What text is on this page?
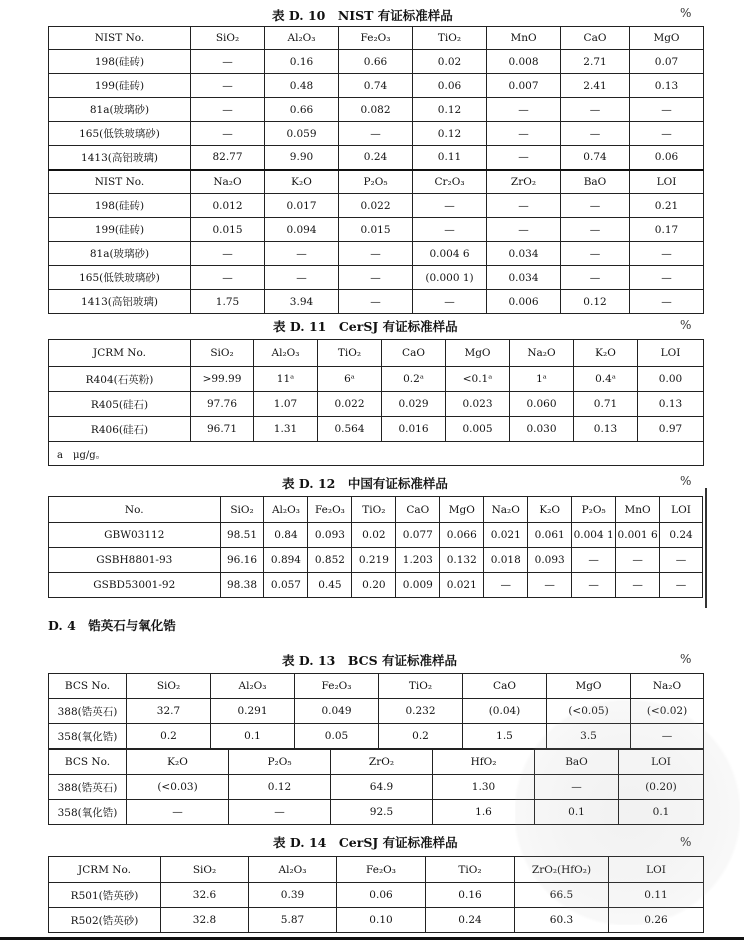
表 D. 10　NIST 有证标准样品	%
NIST No.	SiO₂	Al₂O₃	Fe₂O₃	TiO₂	MnO	CaO	MgO
198(硅砖)	—	0.16	0.66	0.02	0.008	2.71	0.07
199(硅砖)	—	0.48	0.74	0.06	0.007	2.41	0.13
81a(玻璃砂)	—	0.66	0.082	0.12	—	—	—
165(低铁玻璃砂)	—	0.059	—	0.12	—	—	—
1413(高铝玻璃)	82.77	9.90	0.24	0.11	—	0.74	0.06
NIST No.	Na₂O	K₂O	P₂O₅	Cr₂O₃	ZrO₂	BaO	LOI
198(硅砖)	0.012	0.017	0.022	—	—	—	0.21
199(硅砖)	0.015	0.094	0.015	—	—	—	0.17
81a(玻璃砂)	—	—	—	0.004 6	0.034	—	—
165(低铁玻璃砂)	—	—	—	(0.000 1)	0.034	—	—
1413(高铝玻璃)	1.75	3.94	—	—	0.006	0.12	—
表 D. 11　CerSJ 有证标准样品	%
JCRM No.	SiO₂	Al₂O₃	TiO₂	CaO	MgO	Na₂O	K₂O	LOI
R404(石英粉)	>99.99	11ᵃ	6ᵃ	0.2ᵃ	<0.1ᵃ	1ᵃ	0.4ᵃ	0.00
R405(硅石)	97.76	1.07	0.022	0.029	0.023	0.060	0.71	0.13
R406(硅石)	96.71	1.31	0.564	0.016	0.005	0.030	0.13	0.97
a　μg/g。								
表 D. 12　中国有证标准样品	%
No.	SiO₂	Al₂O₃	Fe₂O₃	TiO₂	CaO	MgO	Na₂O	K₂O	P₂O₅	MnO	LOI
GBW03112	98.51	0.84	0.093	0.02	0.077	0.066	0.021	0.061	0.004 1	0.001 6	0.24
GSBH8801-93	96.16	0.894	0.852	0.219	1.203	0.132	0.018	0.093	—	—	—
GSBD53001-92	98.38	0.057	0.45	0.20	0.009	0.021	—	—	—	—	—
D. 4　锆英石与氧化锆
表 D. 13　BCS 有证标准样品	%
BCS No.	SiO₂	Al₂O₃	Fe₂O₃	TiO₂	CaO	MgO	Na₂O
388(锆英石)	32.7	0.291	0.049	0.232	(0.04)	(<0.05)	(<0.02)
358(氧化锆)	0.2	0.1	0.05	0.2	1.5	3.5	—
BCS No.	K₂O	P₂O₅	ZrO₂	HfO₂	BaO	LOI
388(锆英石)	(<0.03)	0.12	64.9	1.30	—	(0.20)
358(氧化锆)	—	—	92.5	1.6	0.1	0.1
表 D. 14　CerSJ 有证标准样品	%
JCRM No.	SiO₂	Al₂O₃	Fe₂O₃	TiO₂	ZrO₂(HfO₂)	LOI
R501(锆英砂)	32.6	0.39	0.06	0.16	66.5	0.11
R502(锆英砂)	32.8	5.87	0.10	0.24	60.3	0.26
